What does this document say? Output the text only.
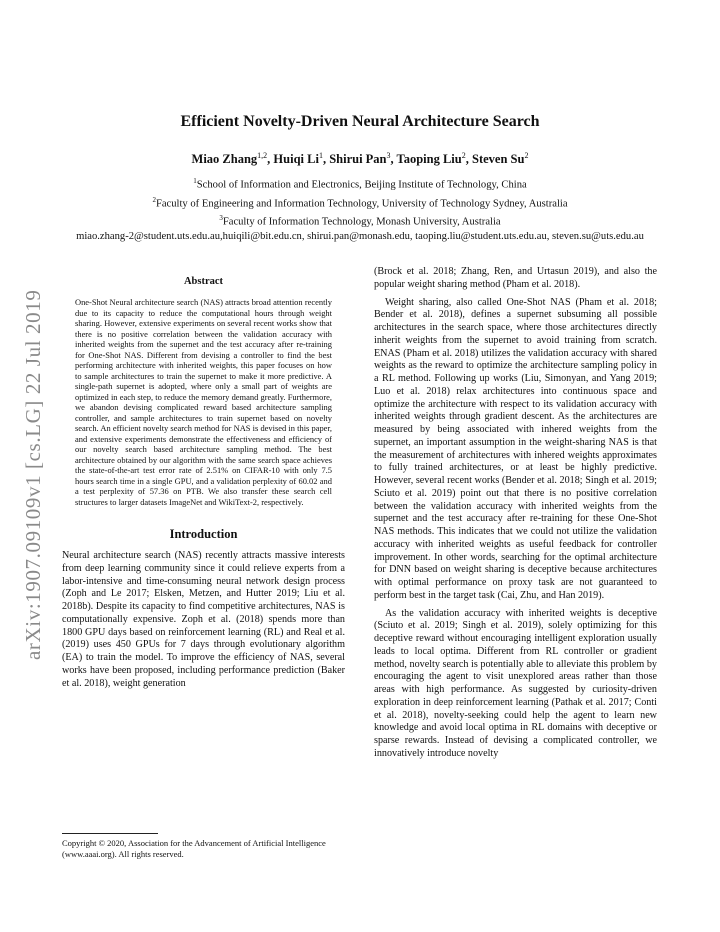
arXiv:1907.09109v1 [cs.LG] 22 Jul 2019
Efficient Novelty-Driven Neural Architecture Search
Miao Zhang$^{1,2}$, Huiqi Li$^1$, Shirui Pan$^3$, Taoping Liu$^2$, Steven Su$^2$
$^1$School of Information and Electronics, Beijing Institute of Technology, China
$^2$Faculty of Engineering and Information Technology, University of Technology Sydney, Australia
$^3$Faculty of Information Technology, Monash University, Australia
miao.zhang-2@student.uts.edu.au,huiqili@bit.edu.cn, shirui.pan@monash.edu, taoping.liu@student.uts.edu.au, steven.su@uts.edu.au
Abstract
One-Shot Neural architecture search (NAS) attracts broad attention recently due to its capacity to reduce the computational hours through weight sharing. However, extensive experiments on several recent works show that there is no positive correlation between the validation accuracy with inherited weights from the supernet and the test accuracy after re-training for One-Shot NAS. Different from devising a controller to find the best performing architecture with inherited weights, this paper focuses on how to sample architectures to train the supernet to make it more predictive. A single-path supernet is adopted, where only a small part of weights are optimized in each step, to reduce the memory demand greatly. Furthermore, we abandon devising complicated reward based architecture sampling controller, and sample architectures to train supernet based on novelty search. An efficient novelty search method for NAS is devised in this paper, and extensive experiments demonstrate the effectiveness and efficiency of our novelty search based architecture sampling method. The best architecture obtained by our algorithm with the same search space achieves the state-of-the-art test error rate of 2.51% on CIFAR-10 with only 7.5 hours search time in a single GPU, and a validation perplexity of 60.02 and a test perplexity of 57.36 on PTB. We also transfer these search cell structures to larger datasets ImageNet and WikiText-2, respectively.
Introduction

Neural architecture search (NAS) recently attracts massive interests from deep learning community since it could relieve experts from a labor-intensive and time-consuming neural network design process (Zoph and Le 2017; Elsken, Metzen, and Hutter 2019; Liu et al. 2018b). Despite its capacity to find competitive architectures, NAS is computationally expensive. Zoph et al. (2018) spends more than 1800 GPU days based on reinforcement learning (RL) and Real et al. (2019) uses 450 GPUs for 7 days through evolutionary algorithm (EA) to train the model. To improve the efficiency of NAS, several works have been proposed, including performance prediction (Baker et al. 2018), weight generation

(Brock et al. 2018; Zhang, Ren, and Urtasun 2019), and also the popular weight sharing method (Pham et al. 2018).

Weight sharing, also called One-Shot NAS (Pham et al. 2018; Bender et al. 2018), defines a supernet subsuming all possible architectures in the search space, where those architectures directly inherit weights from the supernet to avoid training from scratch. ENAS (Pham et al. 2018) utilizes the validation accuracy with shared weights as the reward to optimize the architecture sampling policy in a RL method. Following up works (Liu, Simonyan, and Yang 2019; Luo et al. 2018) relax architectures into continuous space and optimize the architecture with respect to its validation accuracy with inherited weights through gradient descent. As the architectures are measured by being associated with inhered weights from the supernet, an important assumption in the weight-sharing NAS is that the measurement of architectures with inhered weights approximates to fully trained architectures, or at least be highly predictive. However, several recent works (Bender et al. 2018; Singh et al. 2019; Sciuto et al. 2019) point out that there is no positive correlation between the validation accuracy with inherited weights from the supernet and the test accuracy after re-training for these One-Shot NAS methods. This indicates that we could not utilize the validation accuracy with inherited weights as useful feedback for controller improvement. In other words, searching for the optimal architecture for DNN based on weight sharing is deceptive because architectures with optimal performance on proxy task are not guaranteed to perform best in the target task (Cai, Zhu, and Han 2019).

As the validation accuracy with inherited weights is deceptive (Sciuto et al. 2019; Singh et al. 2019), solely optimizing for this deceptive reward without encouraging intelligent exploration usually leads to local optima. Different from RL controller or gradient method, novelty search is potentially able to alleviate this problem by encouraging the agent to visit unexplored areas rather than those areas with high performance. As suggested by curiosity-driven exploration in deep reinforcement learning (Pathak et al. 2017; Conti et al. 2018), novelty-seeking could help the agent to learn new knowledge and avoid local optima in RL domains with deceptive or sparse rewards. Instead of devising a complicated controller, we innovatively introduce novelty

Copyright © 2020, Association for the Advancement of Artificial Intelligence (www.aaai.org). All rights reserved.
